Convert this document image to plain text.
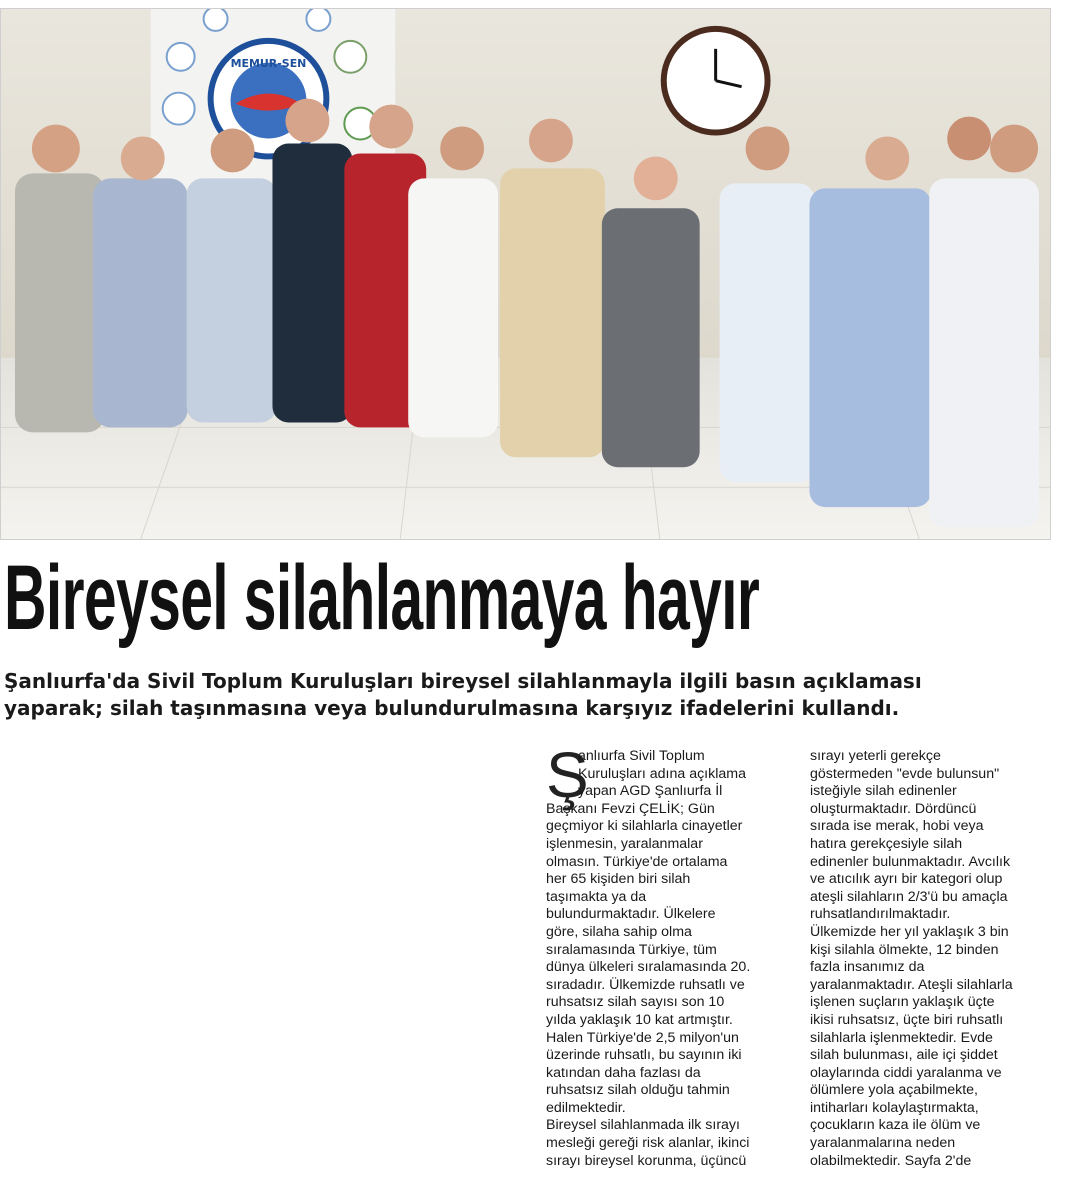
MEMUR-SEN
Bireysel silahlanmaya hayır

Şanlıurfa'da Sivil Toplum Kuruluşları bireysel silahlanmayla ilgili basın açıklaması
yaparak; silah taşınmasına veya bulundurulmasına karşıyız ifadelerini kullandı.

Ş
anlıurfa Sivil Toplum
Kuruluşları adına açıklama
yapan AGD Şanlıurfa İl
Başkanı Fevzi ÇELİK; Gün
geçmiyor ki silahlarla cinayetler
işlenmesin, yaralanmalar
olmasın. Türkiye'de ortalama
her 65 kişiden biri silah
taşımakta ya da
bulundurmaktadır. Ülkelere
göre, silaha sahip olma
sıralamasında Türkiye, tüm
dünya ülkeleri sıralamasında 20.
sıradadır. Ülkemizde ruhsatlı ve
ruhsatsız silah sayısı son 10
yılda yaklaşık 10 kat artmıştır.
Halen Türkiye'de 2,5 milyon'un
üzerinde ruhsatlı, bu sayının iki
katından daha fazlası da
ruhsatsız silah olduğu tahmin
edilmektedir.
Bireysel silahlanmada ilk sırayı
mesleği gereği risk alanlar, ikinci
sırayı bireysel korunma, üçüncü
sırayı yeterli gerekçe
göstermeden "evde bulunsun"
isteğiyle silah edinenler
oluşturmaktadır. Dördüncü
sırada ise merak, hobi veya
hatıra gerekçesiyle silah
edinenler bulunmaktadır. Avcılık
ve atıcılık ayrı bir kategori olup
ateşli silahların 2/3'ü bu amaçla
ruhsatlandırılmaktadır.
Ülkemizde her yıl yaklaşık 3 bin
kişi silahla ölmekte, 12 binden
fazla insanımız da
yaralanmaktadır. Ateşli silahlarla
işlenen suçların yaklaşık üçte
ikisi ruhsatsız, üçte biri ruhsatlı
silahlarla işlenmektedir. Evde
silah bulunması, aile içi şiddet
olaylarında ciddi yaralanma ve
ölümlere yola açabilmekte,
intiharları kolaylaştırmakta,
çocukların kaza ile ölüm ve
yaralanmalarına neden
olabilmektedir. Sayfa 2'de
